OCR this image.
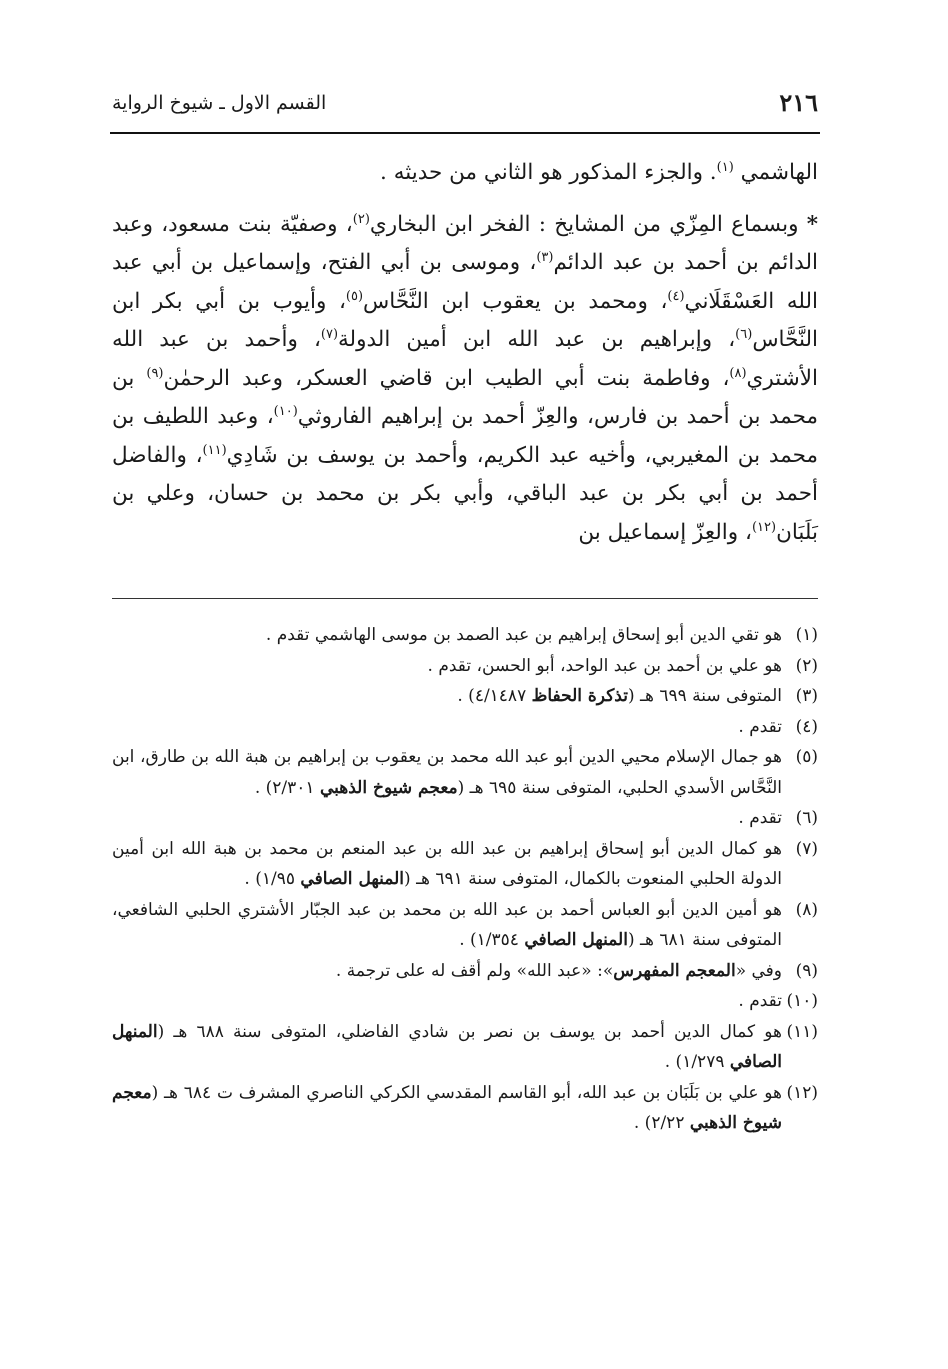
٢١٦
القسم الاول ـ شيوخ الرواية

الهاشمي $^{(١)}$. والجزء المذكور هو الثاني من حديثه .

* وبسماع المِزّي من المشايخ : الفخر ابن البخاري$^{(٢)}$، وصفيّة بنت مسعود، وعبد الدائم بن أحمد بن عبد الدائم$^{(٣)}$، وموسى بن أبي الفتح، وإسماعيل بن أبي عبد الله العَسْقَلَاني$^{(٤)}$، ومحمد بن يعقوب ابن النَّحَّاس$^{(٥)}$، وأيوب بن أبي بكر ابن النَّحَّاس$^{(٦)}$، وإبراهيم بن عبد الله ابن أمين الدولة$^{(٧)}$، وأحمد بن عبد الله الأشتري$^{(٨)}$، وفاطمة بنت أبي الطيب ابن قاضي العسكر، وعبد الرحمٰن$^{(٩)}$ بن محمد بن أحمد بن فارس، والعِزّ أحمد بن إبراهيم الفاروثي$^{(١٠)}$، وعبد اللطيف بن محمد بن المغيربي، وأخيه عبد الكريم، وأحمد بن يوسف بن شَادِي$^{(١١)}$، والفاضل أحمد بن أبي بكر بن عبد الباقي، وأبي بكر بن محمد بن حسان، وعلي بن بَلَبَان$^{(١٢)}$، والعِزّ إسماعيل بن

(١)
هو تقي الدين أبو إسحاق إبراهيم بن عبد الصمد بن موسى الهاشمي تقدم .
(٢)
هو علي بن أحمد بن عبد الواحد، أبو الحسن، تقدم .
(٣)
المتوفى سنة ٦٩٩ هـ (تذكرة الحفاظ ٤/١٤٨٧) .
(٤)
تقدم .
(٥)
هو جمال الإسلام محيي الدين أبو عبد الله محمد بن يعقوب بن إبراهيم بن هبة الله بن طارق، ابن النَّحَّاس الأسدي الحلبي، المتوفى سنة ٦٩٥ هـ (معجم شيوخ الذهبي ٢/٣٠١) .
(٦)
تقدم .
(٧)
هو كمال الدين أبو إسحاق إبراهيم بن عبد الله بن عبد المنعم بن محمد بن هبة الله ابن أمين الدولة الحلبي المنعوت بالكمال، المتوفى سنة ٦٩١ هـ (المنهل الصافي ١/٩٥) .
(٨)
هو أمين الدين أبو العباس أحمد بن عبد الله بن محمد بن عبد الجبّار الأشتري الحلبي الشافعي، المتوفى سنة ٦٨١ هـ (المنهل الصافي ١/٣٥٤) .
(٩)
وفي «المعجم المفهرس»: «عبد الله» ولم أقف له على ترجمة .
(١٠)
تقدم .
(١١)
هو كمال الدين أحمد بن يوسف بن نصر بن شادي الفاضلي، المتوفى سنة ٦٨٨ هـ (المنهل الصافي ١/٢٧٩) .
(١٢)
هو علي بن بَلَبَان بن عبد الله، أبو القاسم المقدسي الكركي الناصري المشرف ت ٦٨٤ هـ (معجم شيوخ الذهبي ٢/٢٢) .
